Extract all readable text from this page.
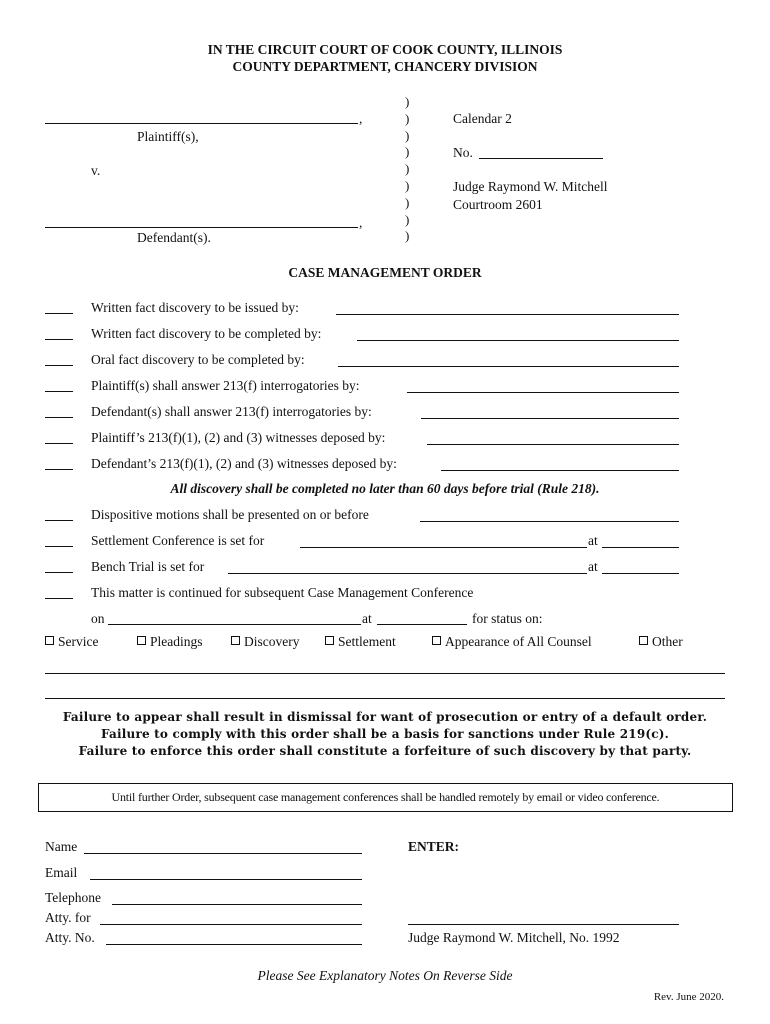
IN THE CIRCUIT COURT OF COOK COUNTY, ILLINOIS
COUNTY DEPARTMENT, CHANCERY DIVISION
,
Plaintiff(s),
v.
,
Defendant(s).
)
)
)
)
)
)
)
)
)
Calendar 2
No.
Judge Raymond W. Mitchell
Courtroom 2601
CASE MANAGEMENT ORDER
Written fact discovery to be issued by:
Written fact discovery to be completed by:
Oral fact discovery to be completed by:
Plaintiff(s) shall answer 213(f) interrogatories by:
Defendant(s) shall answer 213(f) interrogatories by:
Plaintiff’s 213(f)(1), (2) and (3) witnesses deposed by:
Defendant’s 213(f)(1), (2) and (3) witnesses deposed by:
All discovery shall be completed no later than 60 days before trial (Rule 218).
Dispositive motions shall be presented on or before
Settlement Conference is set for	at
Bench Trial is set for	at
This matter is continued for subsequent Case Management Conference
on	at	for status on:
Service	Pleadings	Discovery	Settlement	Appearance of All Counsel	Other
Failure to appear shall result in dismissal for want of prosecution or entry of a default order.
Failure to comply with this order shall be a basis for sanctions under Rule 219(c).
Failure to enforce this order shall constitute a forfeiture of such discovery by that party.
Until further Order, subsequent case management conferences shall be handled remotely by email or video conference.
Name
Email
Telephone
Atty. for
Atty. No.
ENTER:
Judge Raymond W. Mitchell, No. 1992
Please See Explanatory Notes On Reverse Side
Rev. June 2020.
